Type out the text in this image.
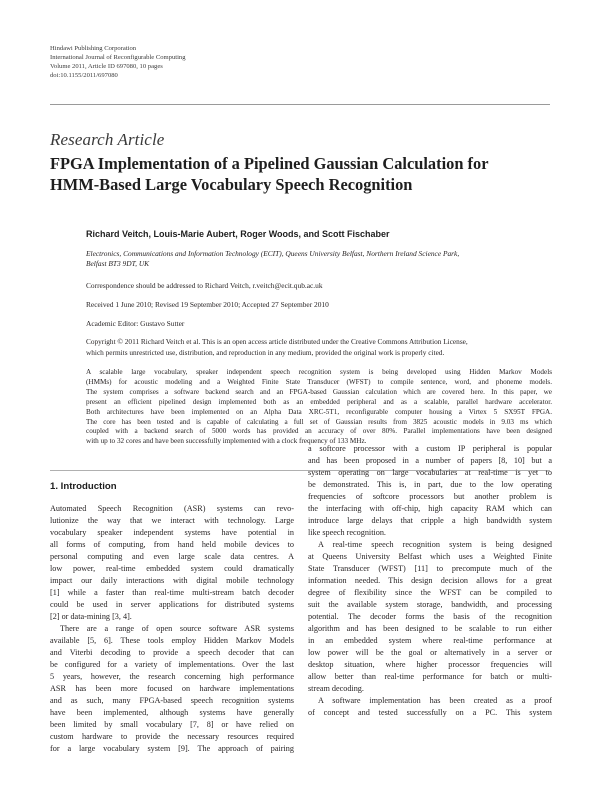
Hindawi Publishing Corporation
International Journal of Reconfigurable Computing
Volume 2011, Article ID 697080, 10 pages
doi:10.1155/2011/697080
Research Article
FPGA Implementation of a Pipelined Gaussian Calculation for
HMM-Based Large Vocabulary Speech Recognition
Richard Veitch, Louis-Marie Aubert, Roger Woods, and Scott Fischaber
Electronics, Communications and Information Technology (ECIT), Queens University Belfast, Northern Ireland Science Park,
Belfast BT3 9DT, UK
Correspondence should be addressed to Richard Veitch, r.veitch@ecit.qub.ac.uk
Received 1 June 2010; Revised 19 September 2010; Accepted 27 September 2010
Academic Editor: Gustavo Sutter
Copyright © 2011 Richard Veitch et al. This is an open access article distributed under the Creative Commons Attribution License,
which permits unrestricted use, distribution, and reproduction in any medium, provided the original work is properly cited.
A scalable large vocabulary, speaker independent speech recognition system is being developed using Hidden Markov Models
(HMMs) for acoustic modeling and a Weighted Finite State Transducer (WFST) to compile sentence, word, and phoneme models.
The system comprises a software backend search and an FPGA-based Gaussian calculation which are covered here. In this paper, we
present an efficient pipelined design implemented both as an embedded peripheral and as a scalable, parallel hardware accelerator.
Both architectures have been implemented on an Alpha Data XRC-5T1, reconfigurable computer housing a Virtex 5 SX95T FPGA.
The core has been tested and is capable of calculating a full set of Gaussian results from 3825 acoustic models in 9.03 ms which
coupled with a backend search of 5000 words has provided an accuracy of over 80%. Parallel implementations have been designed
with up to 32 cores and have been successfully implemented with a clock frequency of 133 MHz.
1. Introduction
Automated Speech Recognition (ASR) systems can revo-
lutionize the way that we interact with technology. Large
vocabulary speaker independent systems have potential in
all forms of computing, from hand held mobile devices to
personal computing and even large scale data centres. A
low power, real-time embedded system could dramatically
impact our daily interactions with digital mobile technology
[1] while a faster than real-time multi-stream batch decoder
could be used in server applications for distributed systems
[2] or data-mining [3, 4].
There are a range of open source software ASR systems
available [5, 6]. These tools employ Hidden Markov Models
and Viterbi decoding to provide a speech decoder that can
be configured for a variety of implementations. Over the last
5 years, however, the research concerning high performance
ASR has been more focused on hardware implementations
and as such, many FPGA-based speech recognition systems
have been implemented, although systems have generally
been limited by small vocabulary [7, 8] or have relied on
custom hardware to provide the necessary resources required
for a large vocabulary system [9]. The approach of pairing
a softcore processor with a custom IP peripheral is popular
and has been proposed in a number of papers [8, 10] but a
system operating on large vocabularies at real-time is yet to
be demonstrated. This is, in part, due to the low operating
frequencies of softcore processors but another problem is
the interfacing with off-chip, high capacity RAM which can
introduce large delays that cripple a high bandwidth system
like speech recognition.
A real-time speech recognition system is being designed
at Queens University Belfast which uses a Weighted Finite
State Transducer (WFST) [11] to precompute much of the
information needed. This design decision allows for a great
degree of flexibility since the WFST can be compiled to
suit the available system storage, bandwidth, and processing
potential. The decoder forms the basis of the recognition
algorithm and has been designed to be scalable to run either
in an embedded system where real-time performance at
low power will be the goal or alternatively in a server or
desktop situation, where higher processor frequencies will
allow better than real-time performance for batch or multi-
stream decoding.
A software implementation has been created as a proof
of concept and tested successfully on a PC. This system
